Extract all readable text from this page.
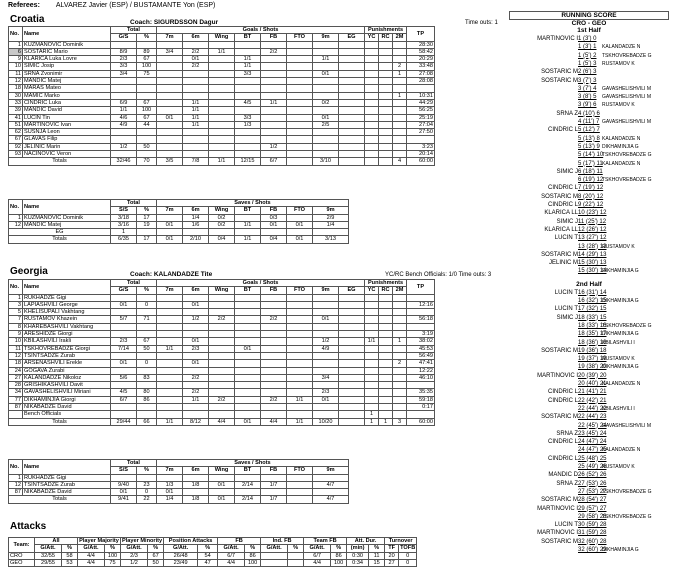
Referees: ALVAREZ Javier (ESP) / BUSTAMANTE Yon (ESP)
Croatia	Coach: SIGURDSSON Dagur	Time outs: 1
No.	Name	Total		Goals / Shots								Punishments			TP
		G/S	%	7m	6m	Wing	BT	FB	FTO	9m	EG	YC	RC	2M	
1	KUZMANOVIC Dominik														28:30
6	SOSTARIC Mario	8/9	89	3/4	2/2	1/1		2/2							58:42
9	KLARICA Luka Lovre	2/3	67		0/1		1/1			1/1					20:29
10	SIMIC Josip	3/3	100		2/2		1/1							2	33:48
11	SRNA Zvonimir	3/4	75				3/3			0/1				1	27:08
12	MANDIC Matej														28:08
18	MARAS Mateo														
30	MAMIC Marko													1	10:31
33	CINDRIC Luka	6/9	67		1/1		4/5	1/1		0/2					44:29
39	MANDIC David	1/1	100		1/1										56:25
41	LUCIN Tin	4/6	67	0/1	1/1		3/3			0/1					25:19
51	MARTINOVIC Ivan	4/9	44		1/1		1/3			2/5					27:04
62	SUSNJA Leon														27:50
67	GLAVAS Filip														
92	JELINIC Marin	1/2	50					1/2							3:23
93	NACINOVIC Veron														20:14
Totals		32/46	70	3/5	7/8	1/1	12/15	6/7		3/10				4	60:00
No.	Name	Total		Saves / Shots						
		S/S	%	7m	6m	Wing	BT	FB	FTO	9m
1	KUZMANOVIC Dominik	3/18	17		1/4	0/2		0/3		2/9
12	MANDIC Matej	3/16	19	0/1	1/6	0/2	1/1	0/1	0/1	1/4
EG		1								
Totals		6/35	17	0/1	2/10	0/4	1/1	0/4	0/1	3/13
Georgia	Coach: KALANDADZE Tite	YC/RC Bench Officials: 1/0 Time outs: 3
No.	Name	Total		Goals / Shots								Punishments			TP
		G/S	%	7m	6m	Wing	BT	FB	FTO	9m	EG	YC	RC	2M	
1	RUKHADZE Gigi														
3	LAPIASHVILI George	0/1	0		0/1										12:16
5	KHELISUPALI Vakhtang														
7	RUSTAMOV Khazein	5/7	71		1/2	2/2		2/2		0/1					56:18
8	KHAREBASHVILI Vakhtang														
9	ARESHIDZE Giorgi														3:19
10	KBILASHVILI Irakli	2/3	67		0/1					1/2		1/1		1	38:02
11	TSKHOVREBADZE Giorgi	7/14	50	1/1	2/3		0/1			4/9					45:53
12	TSINTSADZE Zurab														56:49
18	ARSENASHVILI Erekle	0/1	0		0/1									2	47:41
24	GOGAVA Zurabi														12:22
27	KALANDADZE Nikoloz	5/6	83		2/2					3/4					46:10
28	GRISHIKASHVILI Davit														
34	GAVASHELISHVILI Miriani	4/5	80		2/2					2/3					35:35
77	DIKHAMINJIA Giorgi	6/7	86		1/1	2/2		2/2	1/1	0/1					59:18
87	NIKABADZE David														0:17
	Bench Officials											1			
Totals		29/44	66	1/1	8/12	4/4	0/1	4/4	1/1	10/20		1	1	3	60:00
No.	Name	Total		Saves / Shots						
		S/S	%	7m	6m	Wing	BT	FB	FTO	9m
1	RUKHADZE Gigi									
12	TSINTSADZE Zurab	9/40	23	1/3	1/8	0/1	2/14	1/7		4/7
87	NIKABADZE David	0/1	0	0/1						
Totals		9/41	22	1/4	1/8	0/1	2/14	1/7		4/7
Attacks
Team:	All		Player Majority		Player Minority		Position Attacks		FB		Ind. FB		Team FB		Att. Dur.		Turnover	
	G/Att.	%	G/Att.	%	G/Att.	%	G/Att.	%	G/Att.	%	G/Att.	%	G/Att.	%	(min)	%	TF	TOFB
CRO	32/55	58	4/4	100	2/3	67	26/48	54	6/7	86			6/7	86	0:30	11	20	0
GEO	29/55	53	4/4	75	1/2	50	23/49	47	4/4	100			4/4	100	0:34	15	27	0
RUNNING SCORE
CRO - GEO
1st Half
MARTINOVIC I 1 (3') 0
1 (3') 1 KALANDADZE N
1 (5') 2 TSKHOVREBADZE G
1 (5') 3 RUSTAMOV K
SOSTARIC M 2 (6') 3
SOSTARIC M 3 (7') 3
3 (7') 4 GAVASHELISHVILI M
3 (8') 5 GAVASHELISHVILI M
3 (9') 6 RUSTAMOV K
SRNA Z 4 (10') 6
4 (11') 7 GAVASHELISHVILI M
CINDRIC L 5 (12') 7
5 (13') 8 KALANDADZE N
5 (13') 9 DIKHAMINJIA G
5 (14') 10
TSKHOVREBADZE G
5 (17') 11 KALANDADZE N
SIMIC J 6 (18') 11
6 (19') 12
TSKHOVREBADZE G
CINDRIC L 7 (19') 12
SOSTARIC M 8 (20') 12
CINDRIC L 9 (22') 12
KLARICA LL 10 (23') 12
SIMIC J 11 (25') 12
KLARICA LL 12 (26') 12
LUCIN T 13 (27') 12
13 (28') 13
RUSTAMOV K
SOSTARIC M 14 (29') 13
JELINIC M 15 (30') 13
15 (30') 14
DIKHAMINJIA G
2nd Half
LUCIN T 16 (31') 14
16 (32') 15
DIKHAMINJIA G
LUCIN T 17 (32') 15
SIMIC J 18 (33') 15
18 (33') 16
TSKHOVREBADZE G
18 (35') 17
DIKHAMINJIA G
18 (36') 18
KBILASHVILI I
SOSTARIC M 19 (36') 18
19 (37') 19
RUSTAMOV K
19 (38') 20
DIKHAMINJIA G
MARTINOVIC I 20 (39') 20
20 (40') 21
KALANDADZE N
CINDRIC L 21 (41') 21
CINDRIC L 22 (42') 21
22 (44') 22
KBILASHVILI I
SOSTARIC M 22 (44') 23
22 (45') 24
GAVASHELISHVILI M
SRNA Z 23 (45') 24
CINDRIC L 24 (47') 24
24 (47') 25
KALANDADZE N
CINDRIC L 25 (48') 25
25 (49') 26
RUSTAMOV K
MANDIC D 26 (52') 26
SRNA Z 27 (53') 26
27 (53') 27
TSKHOVREBADZE G
SOSTARIC M 28 (54') 27
MARTINOVIC I 29 (57') 27
29 (58') 28
TSKHOVREBADZE G
LUCIN T 30 (59') 28
MARTINOVIC I 31 (59') 28
SOSTARIC M 32 (60') 28
32 (60') 29
DIKHAMINJIA G
